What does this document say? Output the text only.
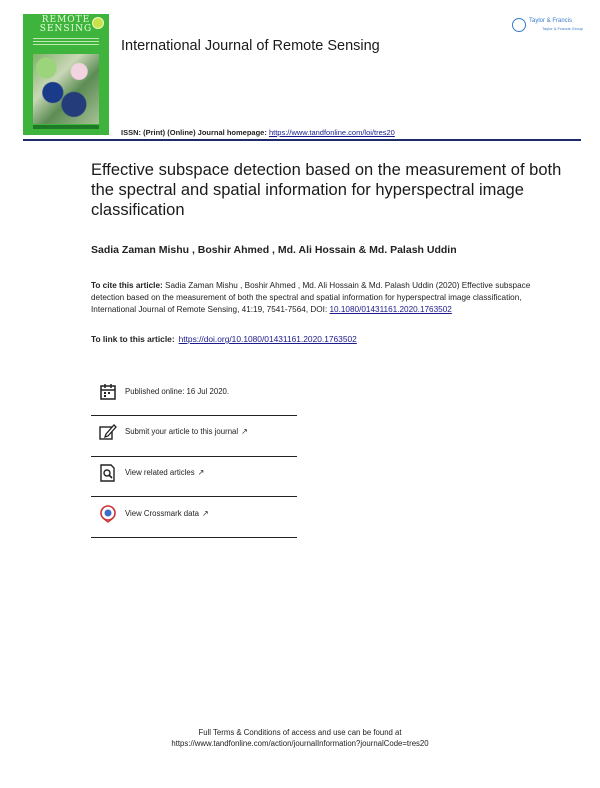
REMOTE
SENSING
International Journal of Remote Sensing
Taylor & Francis
Taylor & Francis Group
ISSN: (Print) (Online) Journal homepage: https://www.tandfonline.com/loi/tres20
Effective subspace detection based on the measurement of both the spectral and spatial information for hyperspectral image classification
Sadia Zaman Mishu , Boshir Ahmed , Md. Ali Hossain & Md. Palash Uddin
To cite this article: Sadia Zaman Mishu , Boshir Ahmed , Md. Ali Hossain & Md. Palash Uddin (2020) Effective subspace detection based on the measurement of both the spectral and spatial information for hyperspectral image classification, International Journal of Remote Sensing, 41:19, 7541-7564, DOI: 10.1080/01431161.2020.1763502
To link to this article: https://doi.org/10.1080/01431161.2020.1763502
Published online: 16 Jul 2020.
Submit your article to this journal ↗
View related articles ↗
View Crossmark data ↗
Full Terms & Conditions of access and use can be found at
https://www.tandfonline.com/action/journalInformation?journalCode=tres20
